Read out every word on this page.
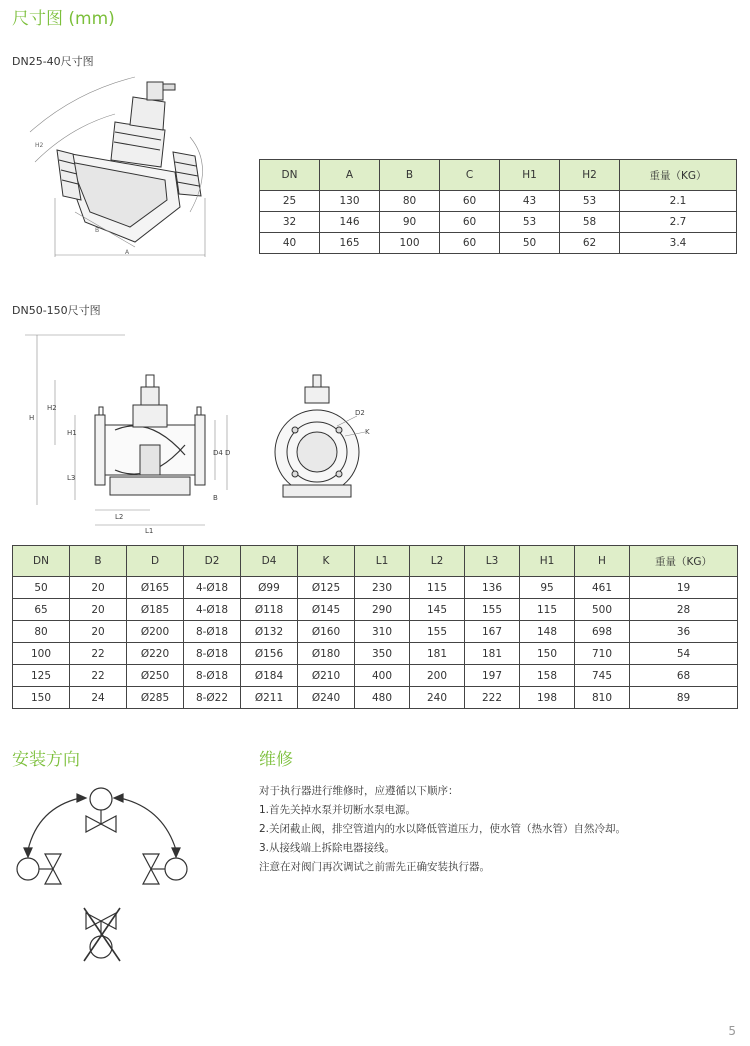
尺寸图 (mm)
DN25-40尺寸图
A
B
H2
DN	A	B	C	H1	H2	重量（KG）
25	130	80	60	43	53	2.1
32	146	90	60	53	58	2.7
40	165	100	60	50	62	3.4
DN50-150尺寸图
H
H2
H1
L3
L2
L1
D4 D
B
D2
K
DN	B	D	D2	D4	K	L1	L2	L3	H1	H	重量（KG）
50	20	Ø165	4-Ø18	Ø99	Ø125	230	115	136	95	461	19
65	20	Ø185	4-Ø18	Ø118	Ø145	290	145	155	115	500	28
80	20	Ø200	8-Ø18	Ø132	Ø160	310	155	167	148	698	36
100	22	Ø220	8-Ø18	Ø156	Ø180	350	181	181	150	710	54
125	22	Ø250	8-Ø18	Ø184	Ø210	400	200	197	158	745	68
150	24	Ø285	8-Ø22	Ø211	Ø240	480	240	222	198	810	89
安装方向	维修

对于执行器进行维修时，应遵循以下顺序：

1.首先关掉水泵并切断水泵电源。

2.关闭截止阀，排空管道内的水以降低管道压力，使水管（热水管）自然冷却。

3.从接线端上拆除电器接线。

注意在对阀门再次调试之前需先正确安装执行器。

5
